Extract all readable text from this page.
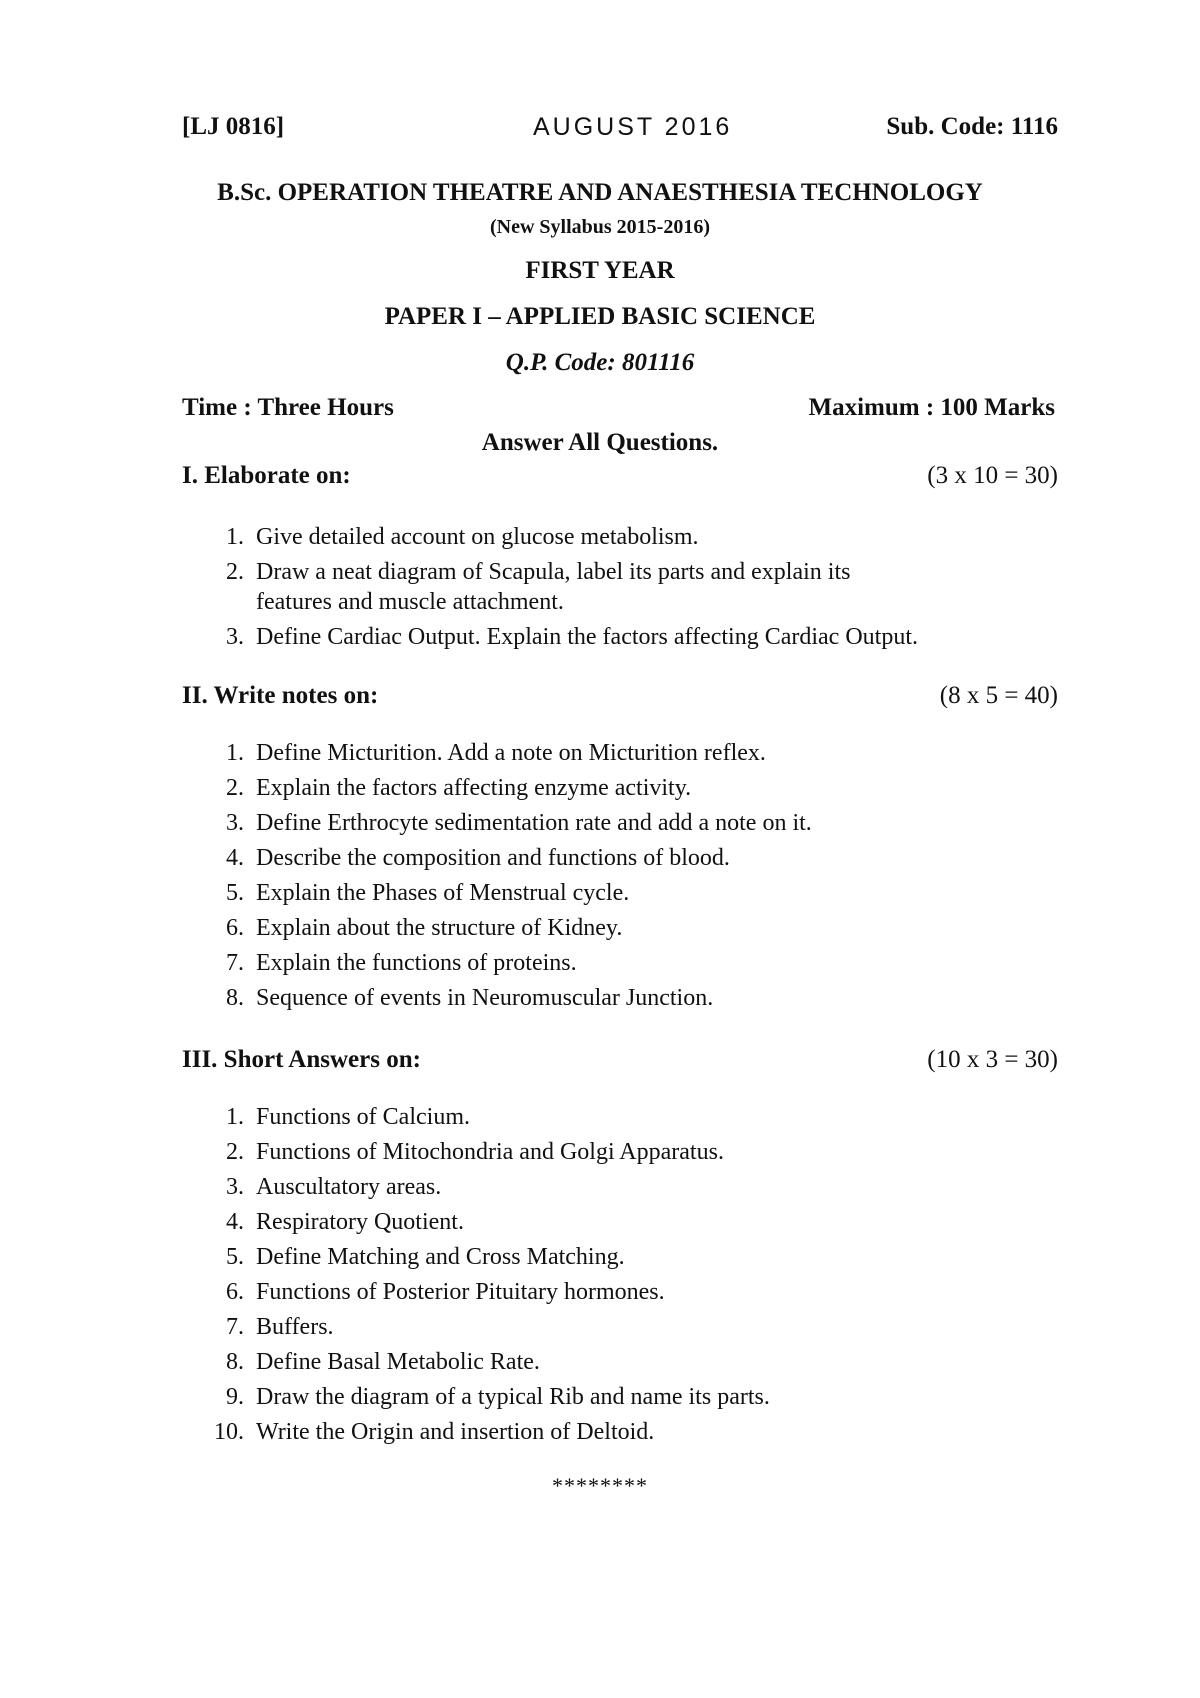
[LJ 0816]	AUGUST 2016	Sub. Code: 1116
B.Sc. OPERATION THEATRE AND ANAESTHESIA TECHNOLOGY
(New Syllabus 2015-2016)
FIRST YEAR
PAPER I – APPLIED BASIC SCIENCE
Q.P. Code: 801116
Time : Three Hours	Maximum : 100 Marks
Answer All Questions.
I. Elaborate on:	(3 x 10 = 30)
1. Give detailed account on glucose metabolism.
2. Draw a neat diagram of Scapula, label its parts and explain its features and muscle attachment.
3. Define Cardiac Output. Explain the factors affecting Cardiac Output.
II. Write notes on:	(8 x 5 = 40)
1. Define Micturition. Add a note on Micturition reflex.
2. Explain the factors affecting enzyme activity.
3. Define Erthrocyte sedimentation rate and add a note on it.
4. Describe the composition and functions of blood.
5. Explain the Phases of Menstrual cycle.
6. Explain about the structure of Kidney.
7. Explain the functions of proteins.
8. Sequence of events in Neuromuscular Junction.
III. Short Answers on:	(10 x 3 = 30)
1. Functions of Calcium.
2. Functions of Mitochondria and Golgi Apparatus.
3. Auscultatory areas.
4. Respiratory Quotient.
5. Define Matching and Cross Matching.
6. Functions of Posterior Pituitary hormones.
7. Buffers.
8. Define Basal Metabolic Rate.
9. Draw the diagram of a typical Rib and name its parts.
10. Write the Origin and insertion of Deltoid.
********
